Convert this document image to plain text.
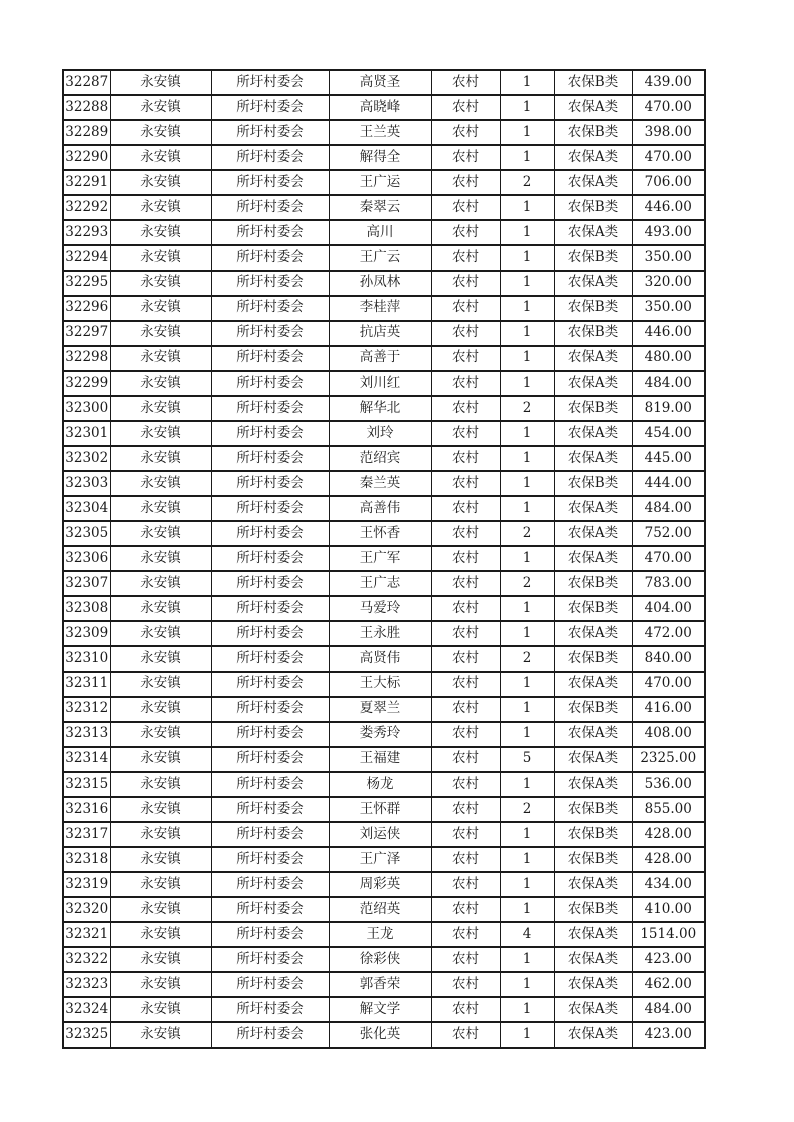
32287	永安镇	所圩村委会	高贤圣	农村	1	农保B类	439.00
32288	永安镇	所圩村委会	高晓峰	农村	1	农保A类	470.00
32289	永安镇	所圩村委会	王兰英	农村	1	农保B类	398.00
32290	永安镇	所圩村委会	解得全	农村	1	农保A类	470.00
32291	永安镇	所圩村委会	王广运	农村	2	农保A类	706.00
32292	永安镇	所圩村委会	秦翠云	农村	1	农保B类	446.00
32293	永安镇	所圩村委会	高川	农村	1	农保A类	493.00
32294	永安镇	所圩村委会	王广云	农村	1	农保B类	350.00
32295	永安镇	所圩村委会	孙凤林	农村	1	农保A类	320.00
32296	永安镇	所圩村委会	李桂萍	农村	1	农保B类	350.00
32297	永安镇	所圩村委会	抗店英	农村	1	农保B类	446.00
32298	永安镇	所圩村委会	高善于	农村	1	农保A类	480.00
32299	永安镇	所圩村委会	刘川红	农村	1	农保A类	484.00
32300	永安镇	所圩村委会	解华北	农村	2	农保B类	819.00
32301	永安镇	所圩村委会	刘玲	农村	1	农保A类	454.00
32302	永安镇	所圩村委会	范绍宾	农村	1	农保A类	445.00
32303	永安镇	所圩村委会	秦兰英	农村	1	农保B类	444.00
32304	永安镇	所圩村委会	高善伟	农村	1	农保A类	484.00
32305	永安镇	所圩村委会	王怀香	农村	2	农保A类	752.00
32306	永安镇	所圩村委会	王广军	农村	1	农保A类	470.00
32307	永安镇	所圩村委会	王广志	农村	2	农保B类	783.00
32308	永安镇	所圩村委会	马爱玲	农村	1	农保B类	404.00
32309	永安镇	所圩村委会	王永胜	农村	1	农保A类	472.00
32310	永安镇	所圩村委会	高贤伟	农村	2	农保B类	840.00
32311	永安镇	所圩村委会	王大标	农村	1	农保A类	470.00
32312	永安镇	所圩村委会	夏翠兰	农村	1	农保B类	416.00
32313	永安镇	所圩村委会	娄秀玲	农村	1	农保A类	408.00
32314	永安镇	所圩村委会	王福建	农村	5	农保A类	2325.00
32315	永安镇	所圩村委会	杨龙	农村	1	农保A类	536.00
32316	永安镇	所圩村委会	王怀群	农村	2	农保B类	855.00
32317	永安镇	所圩村委会	刘运侠	农村	1	农保B类	428.00
32318	永安镇	所圩村委会	王广泽	农村	1	农保B类	428.00
32319	永安镇	所圩村委会	周彩英	农村	1	农保A类	434.00
32320	永安镇	所圩村委会	范绍英	农村	1	农保B类	410.00
32321	永安镇	所圩村委会	王龙	农村	4	农保A类	1514.00
32322	永安镇	所圩村委会	徐彩侠	农村	1	农保A类	423.00
32323	永安镇	所圩村委会	郭香荣	农村	1	农保A类	462.00
32324	永安镇	所圩村委会	解文学	农村	1	农保A类	484.00
32325	永安镇	所圩村委会	张化英	农村	1	农保A类	423.00
